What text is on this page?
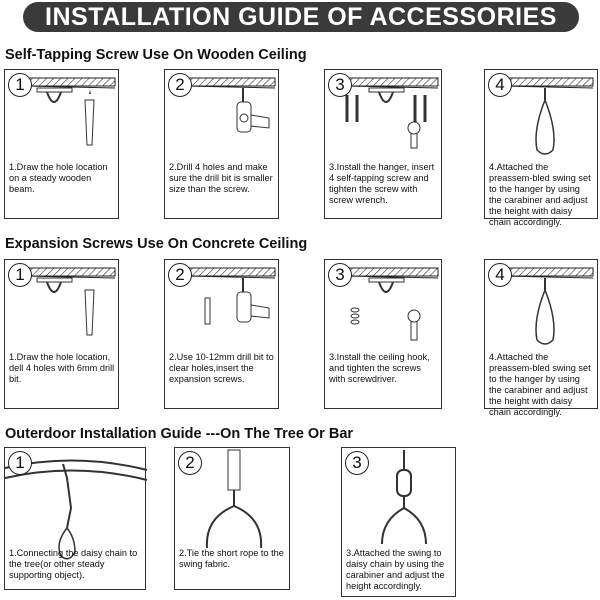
INSTALLATION GUIDE OF ACCESSORIES
Self-Tapping Screw Use On Wooden Ceiling
1
1.Draw the hole location on a steady wooden beam.
2
2.Drill 4 holes and make sure the drill bit is smaller size than the screw.
3
3.Install the hanger, insert 4 self-tapping screw and tighten the screw with screw wrench.
4
4.Attached the preassem-bled swing set to the hanger by using the carabiner and adjust the height with daisy chain accordingly.
Expansion Screws Use On Concrete Ceiling
1
1.Draw the hole location, dell 4 holes with 6mm drill bit.
2
2.Use 10-12mm drill bit to clear holes,insert the expansion screws.
3
3.Install the ceiling hook, and tighten the screws with screwdriver.
4
4.Attached the preassem-bled swing set to the hanger by using the carabiner and adjust the height with daisy chain accordingly.
Outerdoor Installation Guide ---On The Tree Or Bar
1
1.Connecting the daisy chain to the tree(or other steady supporting object).
2
2.Tie the short rope to the swing fabric.
3
3.Attached the swing to daisy chain by using the carabiner and adjust the height accordingly.
